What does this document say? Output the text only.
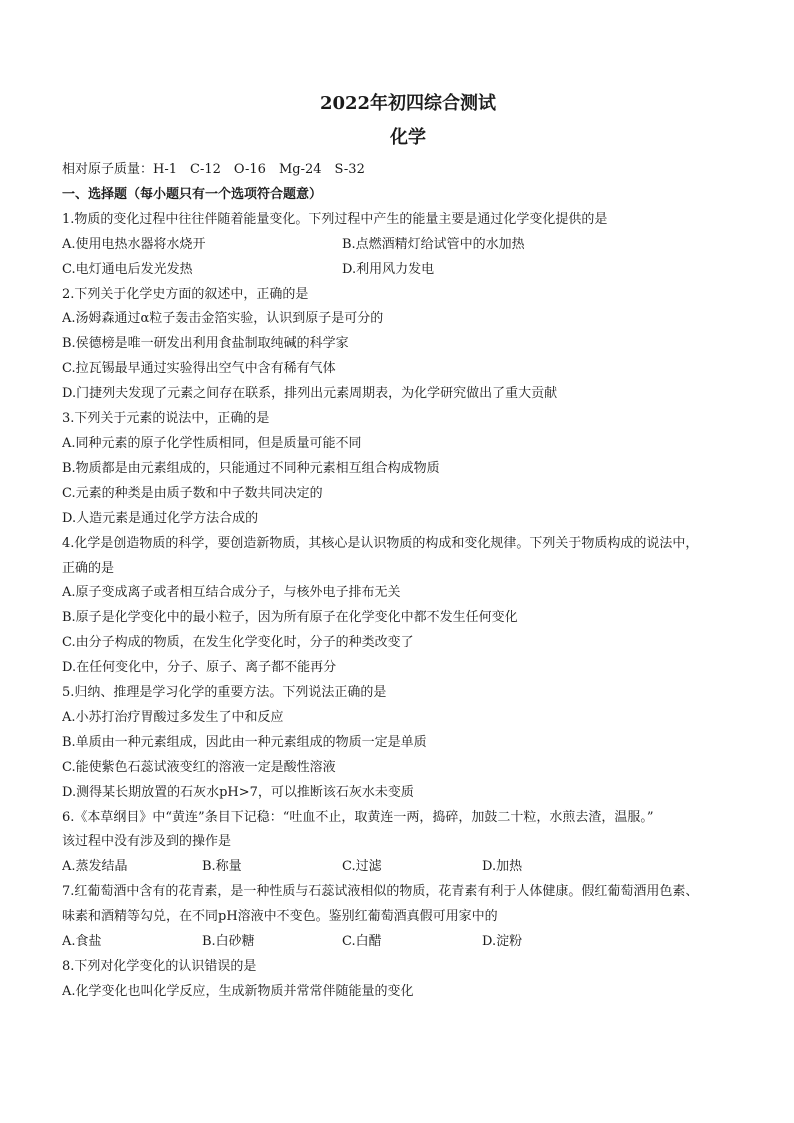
2022年初四综合测试
化学
相对原子质量：H-1　C-12　O-16　Mg-24　S-32
一、选择题（每小题只有一个选项符合题意）
1.物质的变化过程中往往伴随着能量变化。下列过程中产生的能量主要是通过化学变化提供的是
A.使用电热水器将水烧开	B.点燃酒精灯给试管中的水加热
C.电灯通电后发光发热	D.利用风力发电
2.下列关于化学史方面的叙述中，正确的是
A.汤姆森通过α粒子轰击金箔实验，认识到原子是可分的
B.侯德榜是唯一研发出利用食盐制取纯碱的科学家
C.拉瓦锡最早通过实验得出空气中含有稀有气体
D.门捷列夫发现了元素之间存在联系，排列出元素周期表，为化学研究做出了重大贡献
3.下列关于元素的说法中，正确的是
A.同种元素的原子化学性质相同，但是质量可能不同
B.物质都是由元素组成的，只能通过不同种元素相互组合构成物质
C.元素的种类是由质子数和中子数共同决定的
D.人造元素是通过化学方法合成的
4.化学是创造物质的科学，要创造新物质，其核心是认识物质的构成和变化规律。下列关于物质构成的说法中，
正确的是
A.原子变成离子或者相互结合成分子，与核外电子排布无关
B.原子是化学变化中的最小粒子，因为所有原子在化学变化中都不发生任何变化
C.由分子构成的物质，在发生化学变化时，分子的种类改变了
D.在任何变化中，分子、原子、离子都不能再分
5.归纳、推理是学习化学的重要方法。下列说法正确的是
A.小苏打治疗胃酸过多发生了中和反应
B.单质由一种元素组成，因此由一种元素组成的物质一定是单质
C.能使紫色石蕊试液变红的溶液一定是酸性溶液
D.测得某长期放置的石灰水pH>7，可以推断该石灰水未变质
6.《本草纲目》中“黄连”条目下记稳：“吐血不止，取黄连一两，捣碎，加鼓二十粒，水煎去渣，温服。”
该过程中没有涉及到的操作是
A.蒸发结晶	B.称量	C.过滤	D.加热
7.红葡萄酒中含有的花青素，是一种性质与石蕊试液相似的物质，花青素有利于人体健康。假红葡萄酒用色素、
味素和酒精等勾兑，在不同pH溶液中不变色。鉴别红葡萄酒真假可用家中的
A.食盐	B.白砂糖	C.白醋	D.淀粉
8.下列对化学变化的认识错误的是
A.化学变化也叫化学反应，生成新物质并常常伴随能量的变化
